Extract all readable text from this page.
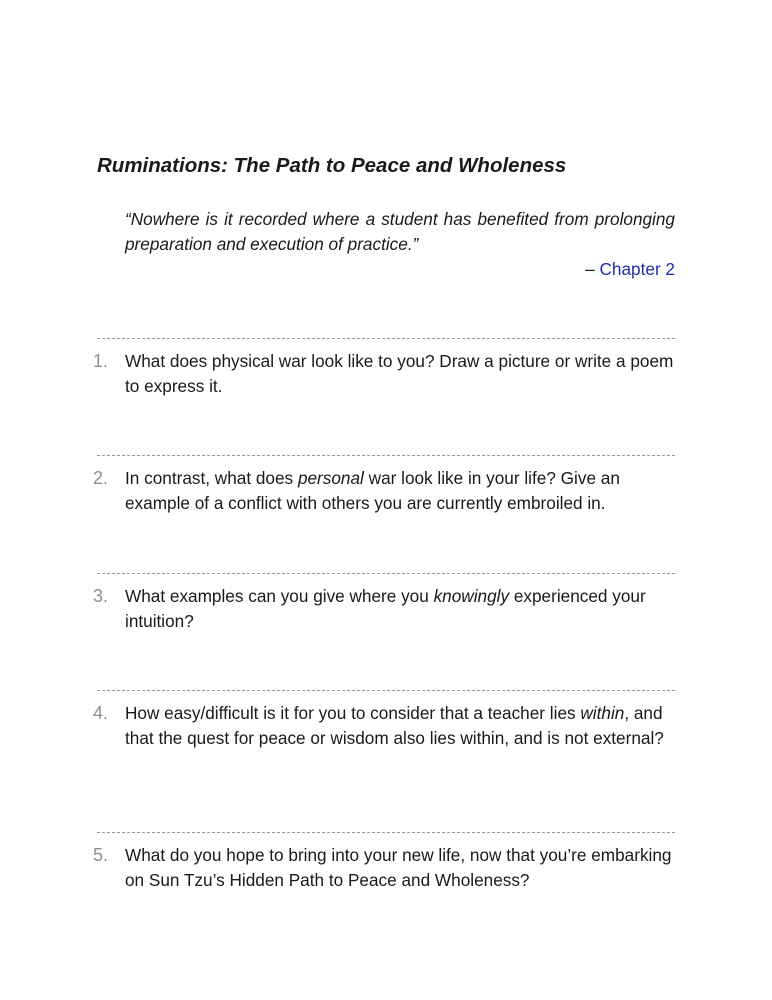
Ruminations: The Path to Peace and Wholeness

“Nowhere is it recorded where a student has benefited from prolonging preparation and execution of practice.”

– Chapter 2

1. What does physical war look like to you? Draw a picture or write a poem to express it.
2. In contrast, what does personal war look like in your life? Give an example of a conflict with others you are currently embroiled in.
3. What examples can you give where you knowingly experienced your intuition?
4. How easy/difficult is it for you to consider that a teacher lies within, and that the quest for peace or wisdom also lies within, and is not external?
5. What do you hope to bring into your new life, now that you’re embarking on Sun Tzu’s Hidden Path to Peace and Wholeness?
